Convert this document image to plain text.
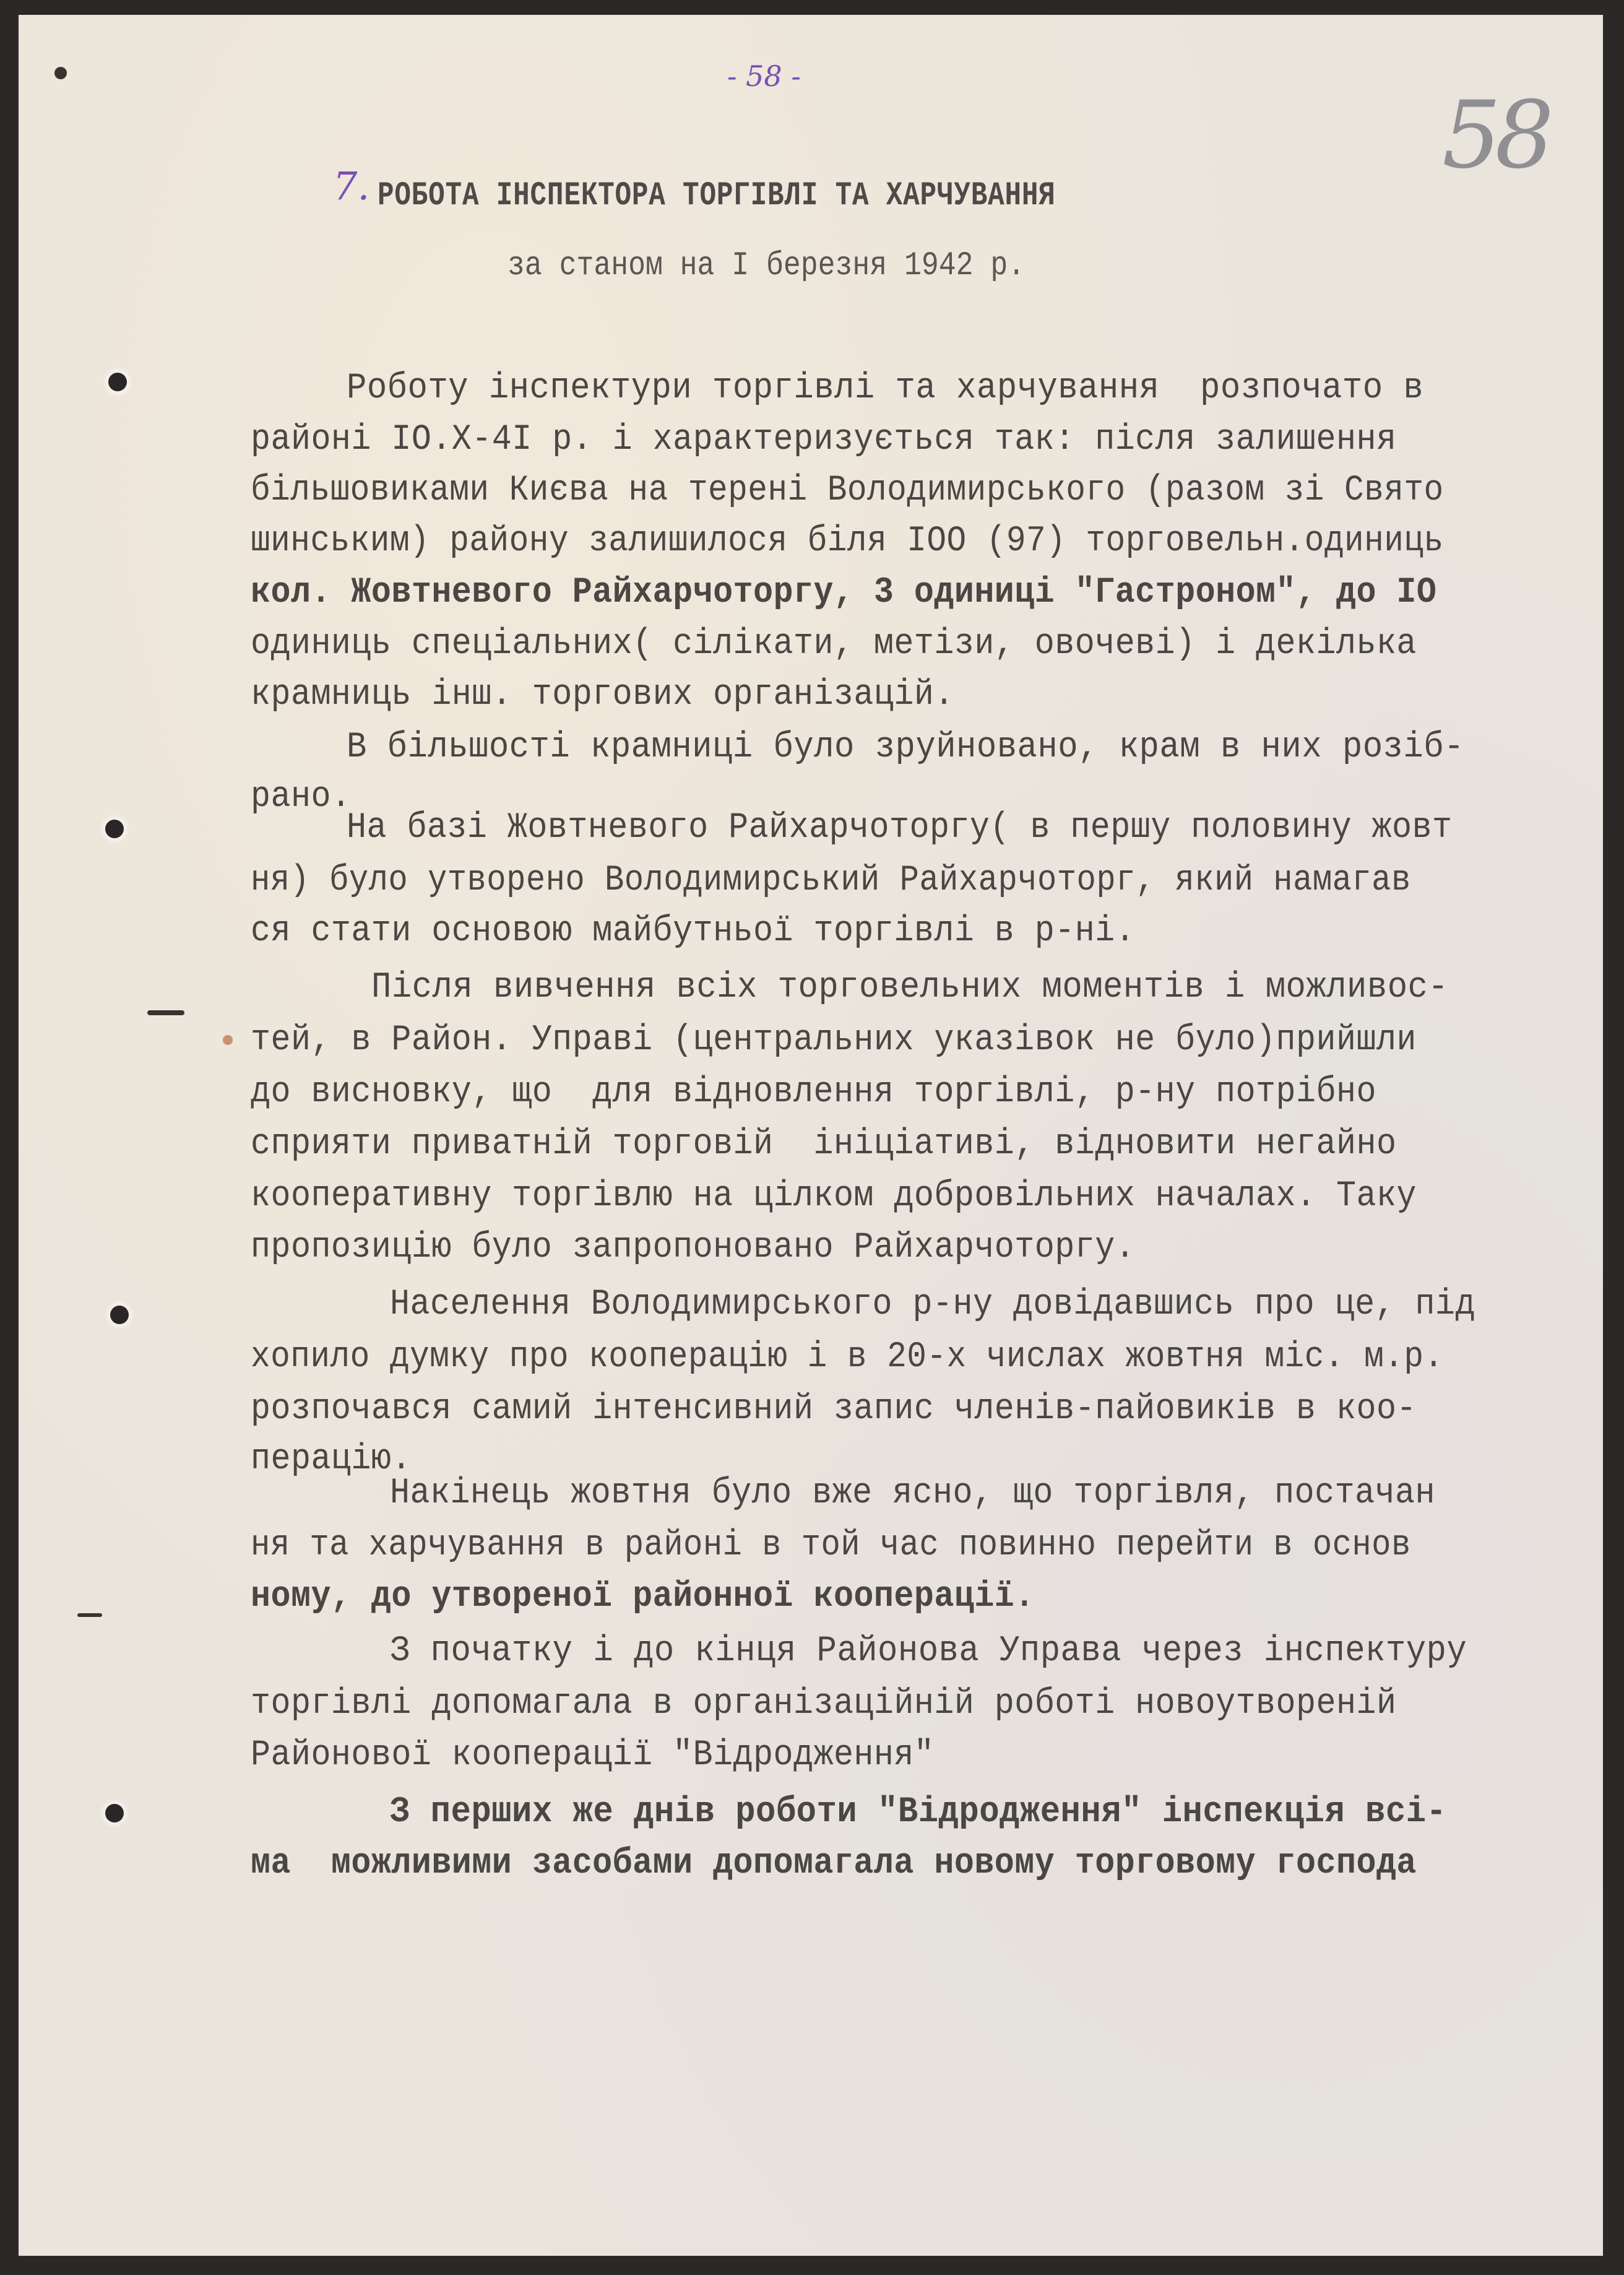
- 58 -
58
7. РОБОТА ІНСПЕКТОРА ТОРГІВЛІ ТА ХАРЧУВАННЯ
за станом на І березня 1942 р.
Роботу інспектури торгівлі та харчування  розпочато в
районі ІО.Х-4І р. і характеризується так: після залишення
більшовиками Києва на терені Володимирського (разом зі Свято
шинським) району залишилося біля ІОО (97) торговельн.одиниць
кол. Жовтневого Райхарчоторгу, 3 одиниці "Гастроном", до ІО
одиниць спеціальних( сілікати, метізи, овочеві) і декілька
крамниць інш. торгових організацій.
В більшості крамниці було зруйновано, крам в них розіб-
рано.
На базі Жовтневого Райхарчоторгу( в першу половину жовт
ня) було утворено Володимирський Райхарчоторг, який намагав
ся стати основою майбутньої торгівлі в р-ні.
Після вивчення всіх торговельних моментів і можливос-
тей, в Район. Управі (центральних указівок не було)прийшли
до висновку, що  для відновлення торгівлі, р-ну потрібно
сприяти приватній торговій  ініціативі, відновити негайно
кооперативну торгівлю на цілком добровільних началах. Таку
пропозицію було запропоновано Райхарчоторгу.
Населення Володимирського р-ну довідавшись про це, під
хопило думку про кооперацію і в 20-х числах жовтня міс. м.р.
розпочався самий інтенсивний запис членів-пайовиків в коо-
перацію.
Накінець жовтня було вже ясно, що торгівля, постачан
ня та харчування в районі в той час повинно перейти в основ
ному, до утвореної районної кооперації.
З початку і до кінця Районова Управа через інспектуру
торгівлі допомагала в організаційній роботі новоутвореній
Районової кооперації "Відродження"
З перших же днів роботи "Відродження" інспекція всі-
ма  можливими засобами допомагала новому торговому господа
